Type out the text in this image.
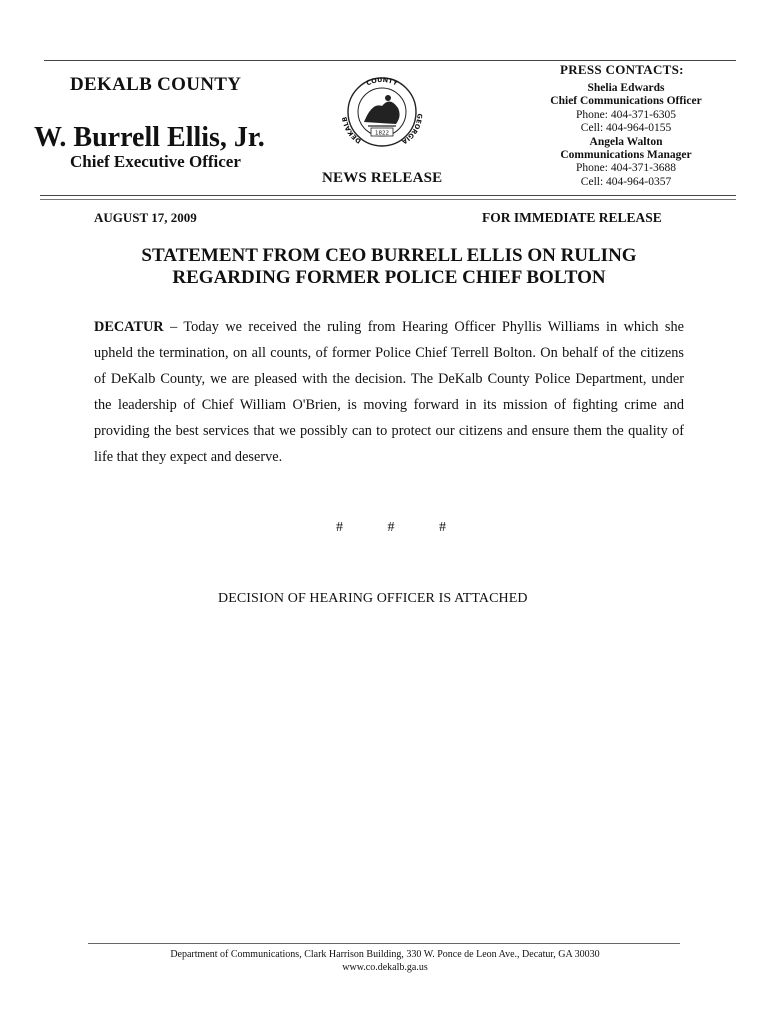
DEKALB COUNTY
W. Burrell Ellis, Jr.
Chief Executive Officer
COUNTY
DEKALB
GEORGIA
1822
NEWS RELEASE
PRESS CONTACTS:
Shelia Edwards
Chief Communications Officer
Phone: 404-371-6305
Cell: 404-964-0155
Angela Walton
Communications Manager
Phone: 404-371-3688
Cell: 404-964-0357
AUGUST 17, 2009	FOR IMMEDIATE RELEASE
STATEMENT FROM CEO BURRELL ELLIS ON RULING
REGARDING FORMER POLICE CHIEF BOLTON
DECATUR – Today we received the ruling from Hearing Officer Phyllis Williams in which she upheld the termination, on all counts, of former Police Chief Terrell Bolton. On behalf of the citizens of DeKalb County, we are pleased with the decision. The DeKalb County Police Department, under the leadership of Chief William O'Brien, is moving forward in its mission of fighting crime and providing the best services that we possibly can to protect our citizens and ensure them the quality of life that they expect and deserve.
#	#	#
DECISION OF HEARING OFFICER IS ATTACHED
Department of Communications, Clark Harrison Building, 330 W. Ponce de Leon Ave., Decatur, GA 30030
www.co.dekalb.ga.us
